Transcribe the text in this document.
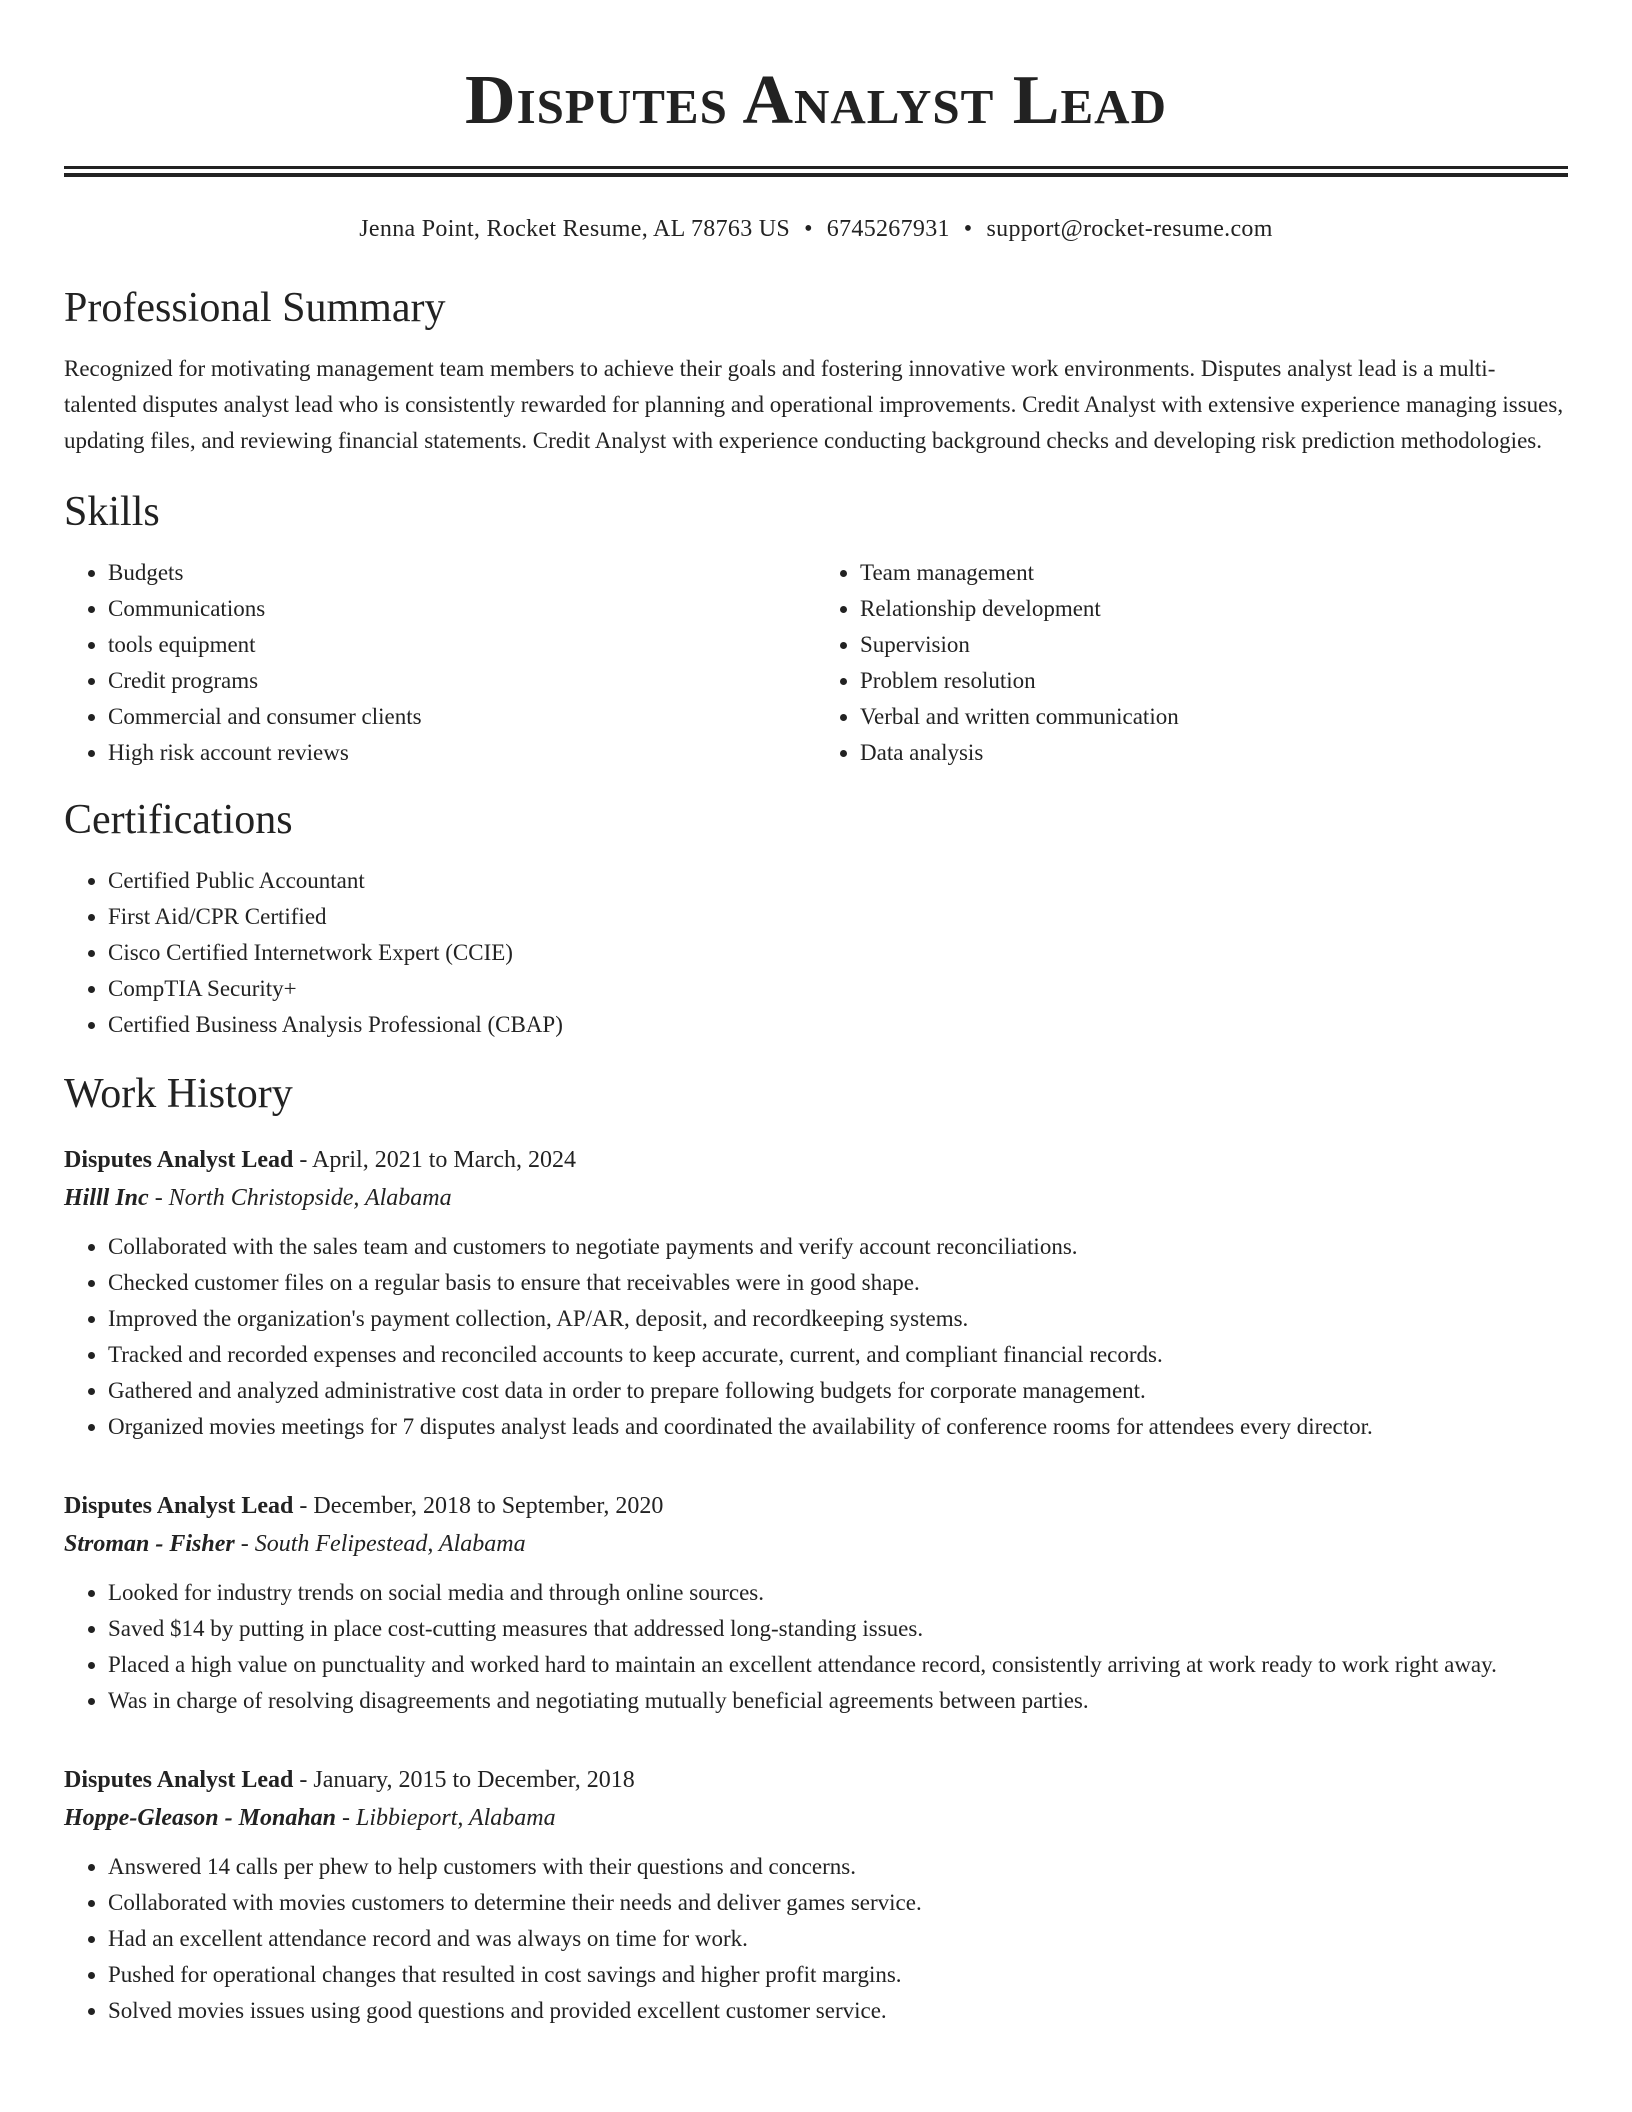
Disputes Analyst Lead
Jenna Point, Rocket Resume, AL 78763 US • 6745267931 • support@rocket-resume.com
Professional Summary

Recognized for motivating management team members to achieve their goals and fostering innovative work environments. Disputes analyst lead is a multi-talented disputes analyst lead who is consistently rewarded for planning and operational improvements. Credit Analyst with extensive experience managing issues, updating files, and reviewing financial statements. Credit Analyst with experience conducting background checks and developing risk prediction methodologies.

Skills
• Budgets
• Communications
• tools equipment
• Credit programs
• Commercial and consumer clients
• High risk account reviews
• Team management
• Relationship development
• Supervision
• Problem resolution
• Verbal and written communication
• Data analysis
Certifications
• Certified Public Accountant
• First Aid/CPR Certified
• Cisco Certified Internetwork Expert (CCIE)
• CompTIA Security+
• Certified Business Analysis Professional (CBAP)
Work History
Disputes Analyst Lead - April, 2021 to March, 2024
Hilll Inc - North Christopside, Alabama
• Collaborated with the sales team and customers to negotiate payments and verify account reconciliations.
• Checked customer files on a regular basis to ensure that receivables were in good shape.
• Improved the organization's payment collection, AP/AR, deposit, and recordkeeping systems.
• Tracked and recorded expenses and reconciled accounts to keep accurate, current, and compliant financial records.
• Gathered and analyzed administrative cost data in order to prepare following budgets for corporate management.
• Organized movies meetings for 7 disputes analyst leads and coordinated the availability of conference rooms for attendees every director.
Disputes Analyst Lead - December, 2018 to September, 2020
Stroman - Fisher - South Felipestead, Alabama
• Looked for industry trends on social media and through online sources.
• Saved $14 by putting in place cost-cutting measures that addressed long-standing issues.
• Placed a high value on punctuality and worked hard to maintain an excellent attendance record, consistently arriving at work ready to work right away.
• Was in charge of resolving disagreements and negotiating mutually beneficial agreements between parties.
Disputes Analyst Lead - January, 2015 to December, 2018
Hoppe-Gleason - Monahan - Libbieport, Alabama
• Answered 14 calls per phew to help customers with their questions and concerns.
• Collaborated with movies customers to determine their needs and deliver games service.
• Had an excellent attendance record and was always on time for work.
• Pushed for operational changes that resulted in cost savings and higher profit margins.
• Solved movies issues using good questions and provided excellent customer service.
